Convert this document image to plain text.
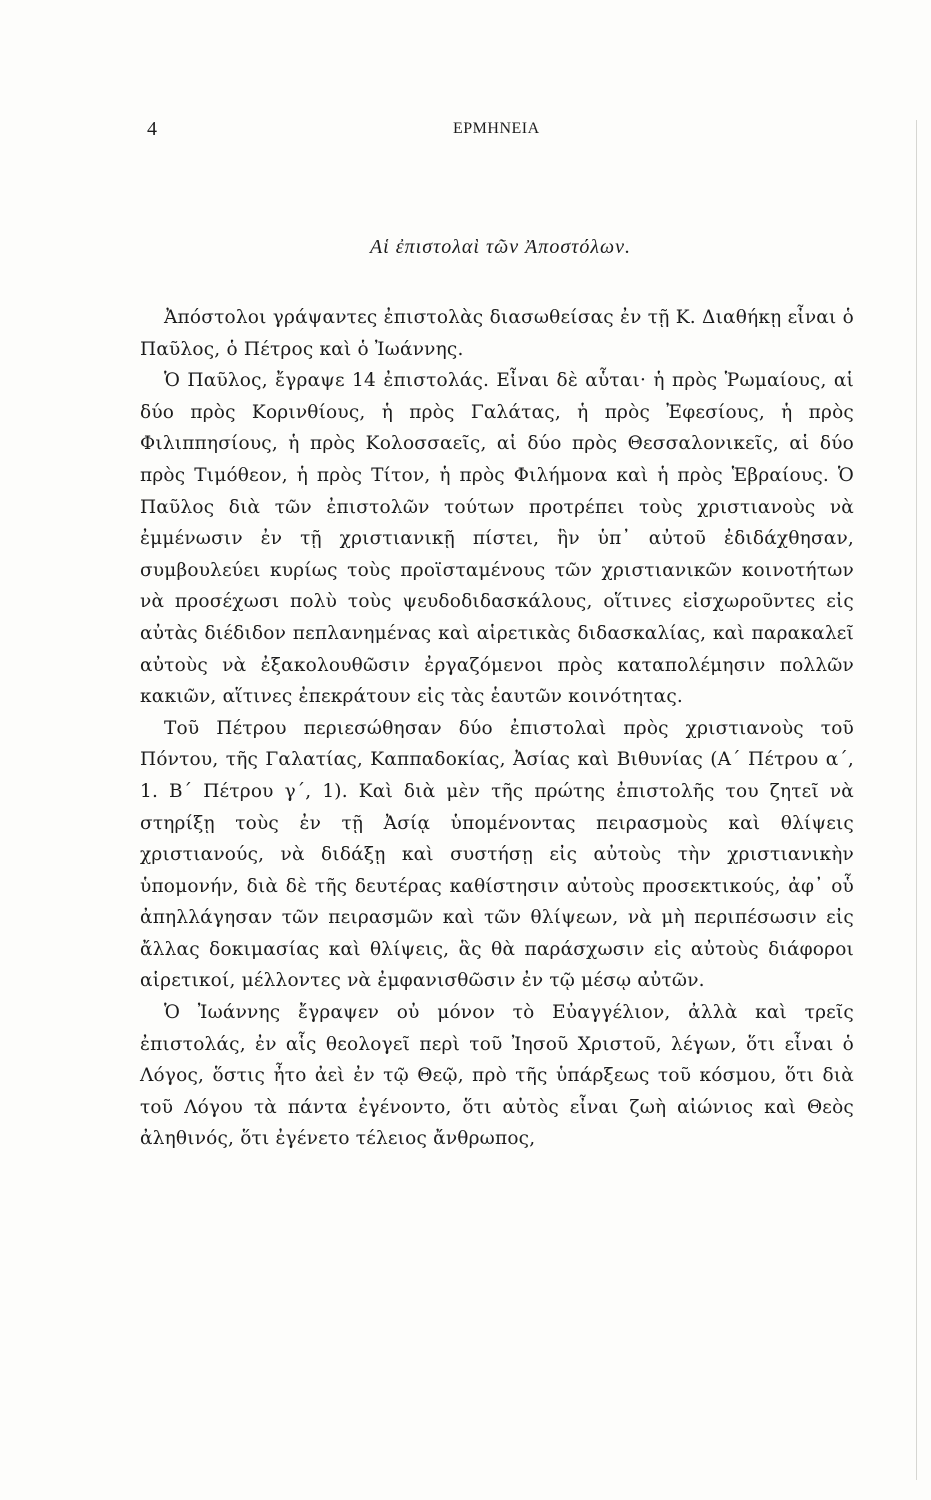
4	ΕΡΜΗΝΕΙΑ
Αἱ ἐπιστολαὶ τῶν Ἀποστόλων.

Ἀπόστολοι γράψαντες ἐπιστολὰς διασωθείσας ἐν τῇ Κ. Διαθήκῃ εἶναι ὁ Παῦλος, ὁ Πέτρος καὶ ὁ Ἰωάννης.

Ὁ Παῦλος, ἔγραψε 14 ἐπιστολάς. Εἶναι δὲ αὗται· ἡ πρὸς Ῥωμαίους, αἱ δύο πρὸς Κορινθίους, ἡ πρὸς Γαλάτας, ἡ πρὸς Ἐφεσίους, ἡ πρὸς Φιλιππησίους, ἡ πρὸς Κολοσσαεῖς, αἱ δύο πρὸς Θεσσαλονικεῖς, αἱ δύο πρὸς Τιμόθεον, ἡ πρὸς Τίτον, ἡ πρὸς Φιλήμονα καὶ ἡ πρὸς Ἑβραίους. Ὁ Παῦλος διὰ τῶν ἐπιστολῶν τούτων προτρέπει τοὺς χριστιανοὺς νὰ ἐμμένωσιν ἐν τῇ χριστιανικῇ πίστει, ἣν ὑπ᾽ αὐτοῦ ἐδιδάχθησαν, συμβουλεύει κυρίως τοὺς προϊσταμένους τῶν χριστιανικῶν κοινοτήτων νὰ προσέχωσι πολὺ τοὺς ψευδοδιδασκάλους, οἵτινες εἰσχωροῦντες εἰς αὐτὰς διέδιδον πεπλανημένας καὶ αἱρετικὰς διδασκαλίας, καὶ παρακαλεῖ αὐτοὺς νὰ ἐξακολουθῶσιν ἐργαζόμενοι πρὸς καταπολέμησιν πολλῶν κακιῶν, αἵτινες ἐπεκράτουν εἰς τὰς ἑαυτῶν κοινότητας.

Τοῦ Πέτρου περιεσώθησαν δύο ἐπιστολαὶ πρὸς χριστιανοὺς τοῦ Πόντου, τῆς Γαλατίας, Καππαδοκίας, Ἀσίας καὶ Βιθυνίας (Α´ Πέτρου α´, 1. Β´ Πέτρου γ´, 1). Καὶ διὰ μὲν τῆς πρώτης ἐπιστολῆς του ζητεῖ νὰ στηρίξῃ τοὺς ἐν τῇ Ἀσίᾳ ὑπομένοντας πειρασμοὺς καὶ θλίψεις χριστιανούς, νὰ διδάξῃ καὶ συστήσῃ εἰς αὐτοὺς τὴν χριστιανικὴν ὑπομονήν, διὰ δὲ τῆς δευτέρας καθίστησιν αὐτοὺς προσεκτικούς, ἀφ᾽ οὗ ἀπηλλάγησαν τῶν πειρασμῶν καὶ τῶν θλίψεων, νὰ μὴ περιπέσωσιν εἰς ἄλλας δοκιμασίας καὶ θλίψεις, ἃς θὰ παράσχωσιν εἰς αὐτοὺς διάφοροι αἱρετικοί, μέλλοντες νὰ ἐμφανισθῶσιν ἐν τῷ μέσῳ αὐτῶν.

Ὁ Ἰωάννης ἔγραψεν οὐ μόνον τὸ Εὐαγγέλιον, ἀλλὰ καὶ τρεῖς ἐπιστολάς, ἐν αἷς θεολογεῖ περὶ τοῦ Ἰησοῦ Χριστοῦ, λέγων, ὅτι εἶναι ὁ Λόγος, ὅστις ἦτο ἀεὶ ἐν τῷ Θεῷ, πρὸ τῆς ὑπάρξεως τοῦ κόσμου, ὅτι διὰ τοῦ Λόγου τὰ πάντα ἐγένοντο, ὅτι αὐτὸς εἶναι ζωὴ αἰώνιος καὶ Θεὸς ἀληθινός, ὅτι ἐγένετο τέλειος ἄνθρωπος,
